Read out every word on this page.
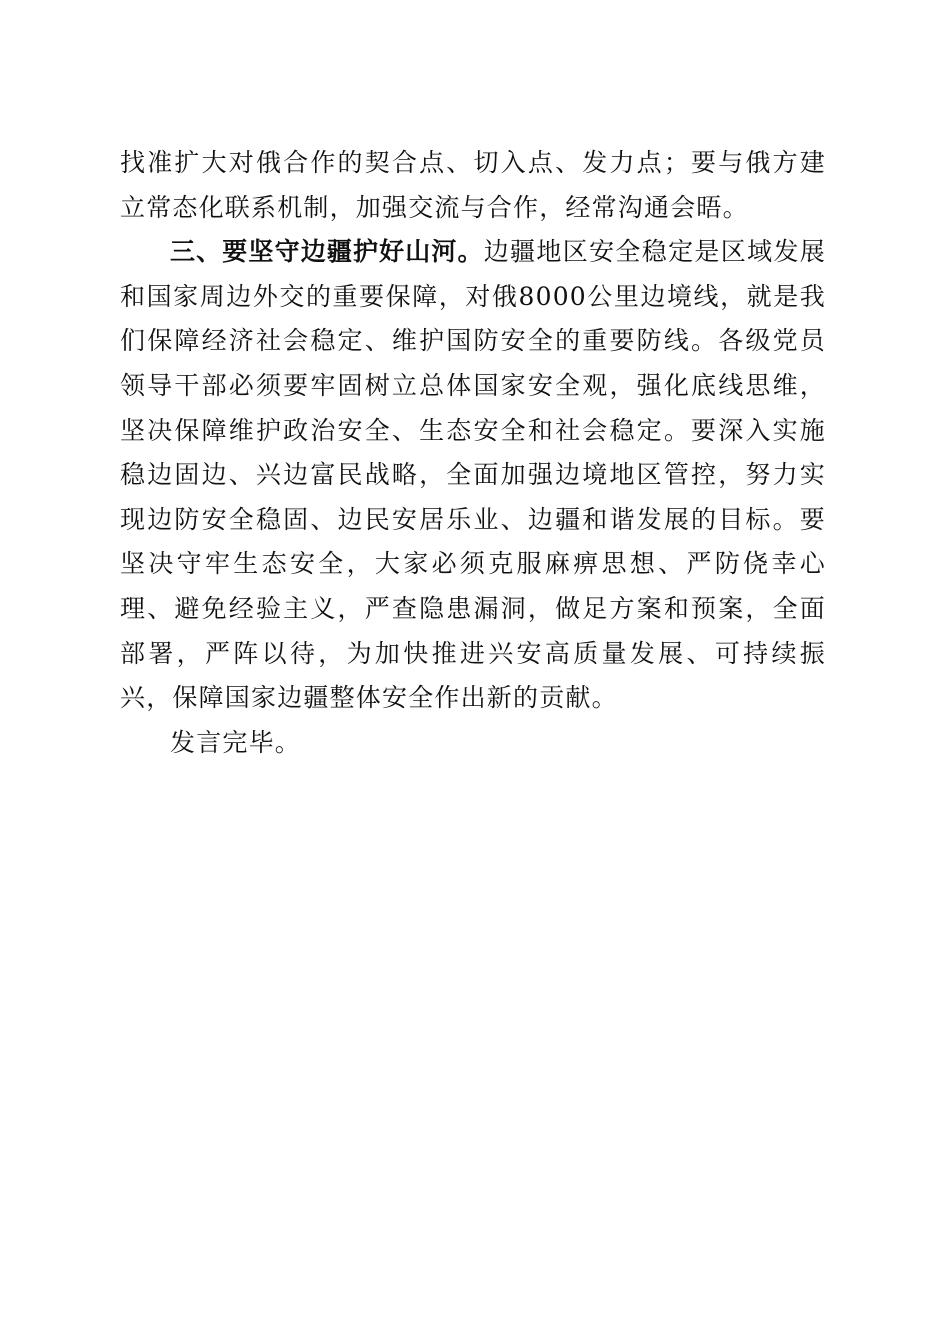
找准扩大对俄合作的契合点、切入点、发力点；要与俄方建立常态化联系机制，加强交流与合作，经常沟通会晤。

三、要坚守边疆护好山河。边疆地区安全稳定是区域发展和国家周边外交的重要保障，对俄8000公里边境线，就是我们保障经济社会稳定、维护国防安全的重要防线。各级党员领导干部必须要牢固树立总体国家安全观，强化底线思维，坚决保障维护政治安全、生态安全和社会稳定。要深入实施稳边固边、兴边富民战略，全面加强边境地区管控，努力实现边防安全稳固、边民安居乐业、边疆和谐发展的目标。要坚决守牢生态安全，大家必须克服麻痹思想、严防侥幸心理、避免经验主义，严查隐患漏洞，做足方案和预案，全面部署，严阵以待，为加快推进兴安高质量发展、可持续振兴，保障国家边疆整体安全作出新的贡献。

发言完毕。
